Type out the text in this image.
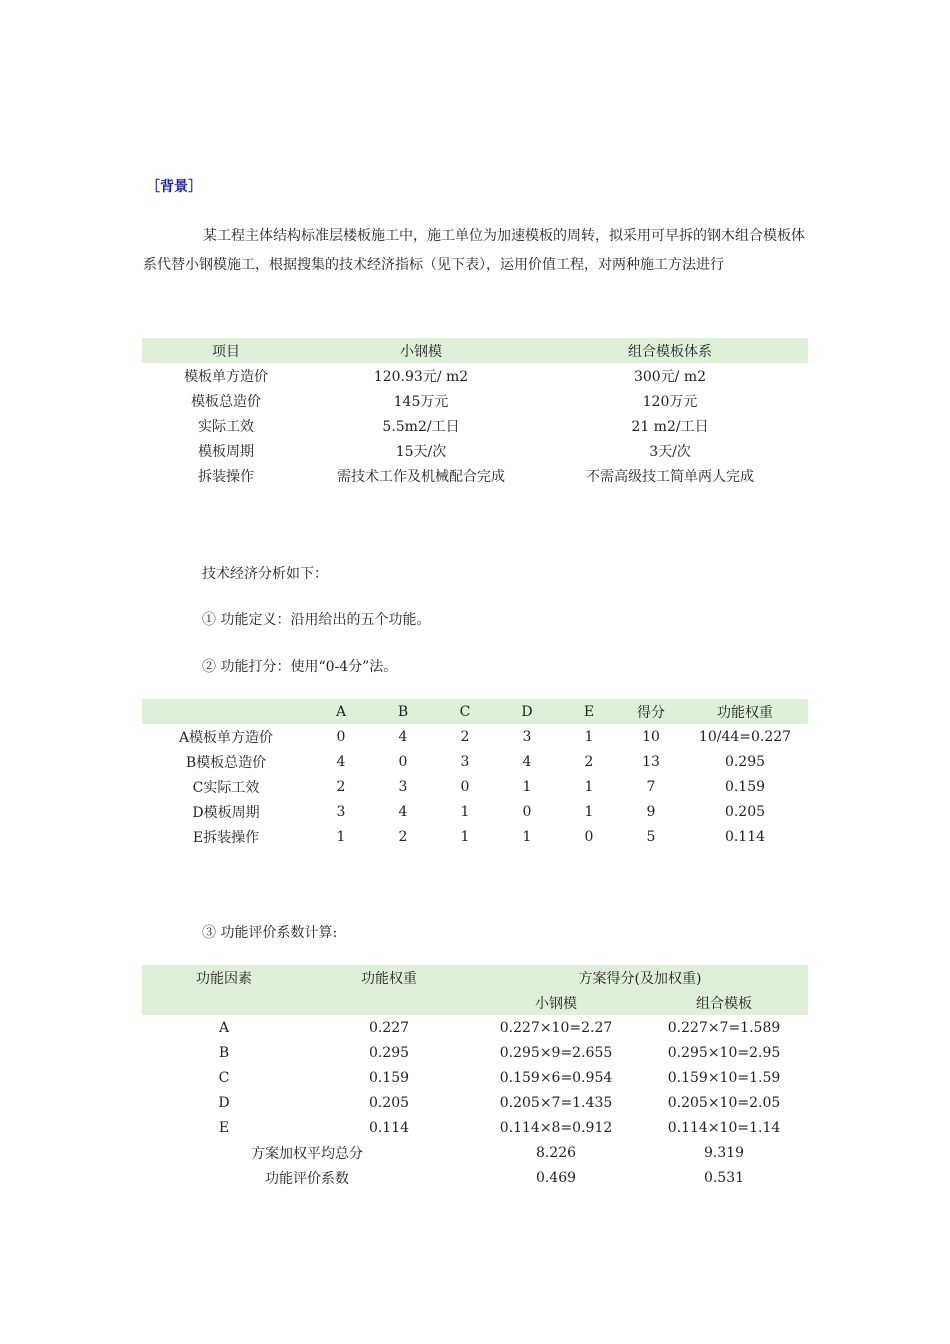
［背景］
某工程主体结构标准层楼板施工中，施工单位为加速模板的周转，拟采用可早拆的钢木组合模板体系代替小钢模施工，根据搜集的技术经济指标（见下表），运用价值工程，对两种施工方法进行
项目	小钢模	组合模板体系
模板单方造价	120.93元/ m2	300元/ m2
模板总造价	145万元	120万元
实际工效	5.5m2/工日	21 m2/工日
模板周期	15天/次	3天/次
拆装操作	需技术工作及机械配合完成	不需高级技工简单两人完成
技术经济分析如下：
① 功能定义：沿用给出的五个功能。
② 功能打分：使用“0-4分”法。
	A	B	C	D	E	得分	功能权重
A模板单方造价	0	4	2	3	1	10	10/44=0.227
B模板总造价	4	0	3	4	2	13	0.295
C实际工效	2	3	0	1	1	7	0.159
D模板周期	3	4	1	0	1	9	0.205
E拆装操作	1	2	1	1	0	5	0.114
③ 功能评价系数计算:
功能因素	功能权重	方案得分(及加权重)	
		小钢模	组合模板
A	0.227	0.227×10=2.27	0.227×7=1.589
B	0.295	0.295×9=2.655	0.295×10=2.95
C	0.159	0.159×6=0.954	0.159×10=1.59
D	0.205	0.205×7=1.435	0.205×10=2.05
E	0.114	0.114×8=0.912	0.114×10=1.14
方案加权平均总分		8.226	9.319
功能评价系数		0.469	0.531
